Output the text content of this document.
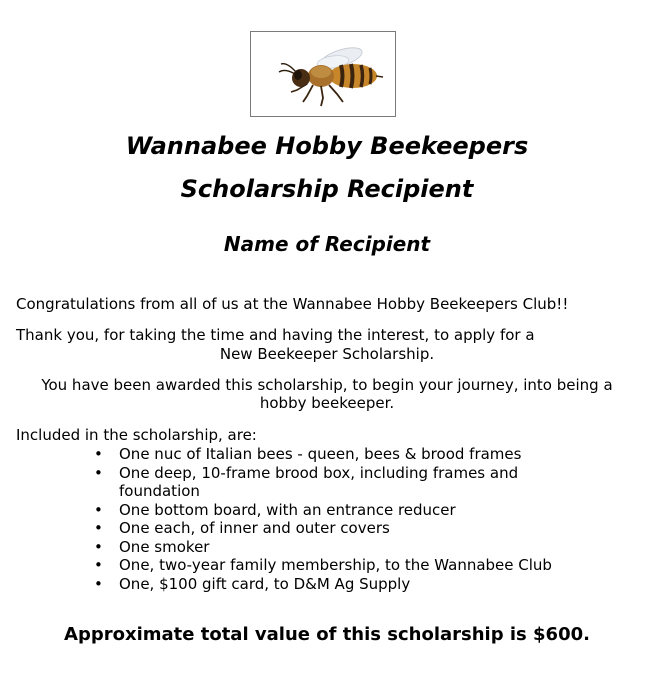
Wannabee Hobby Beekeepers
Scholarship Recipient
Name of Recipient

Congratulations from all of us at the Wannabee Hobby Beekeepers Club!!

Thank you, for taking the time and having the interest, to apply for a

New Beekeeper Scholarship.

You have been awarded this scholarship, to begin your journey, into being a hobby beekeeper.

Included in the scholarship, are:

• One nuc of Italian bees - queen, bees & brood frames
• One deep, 10-frame brood box, including frames and foundation
• One bottom board, with an entrance reducer
• One each, of inner and outer covers
• One smoker
• One, two-year family membership, to the Wannabee Club
• One, $100 gift card, to D&M Ag Supply

Approximate total value of this scholarship is $600.
